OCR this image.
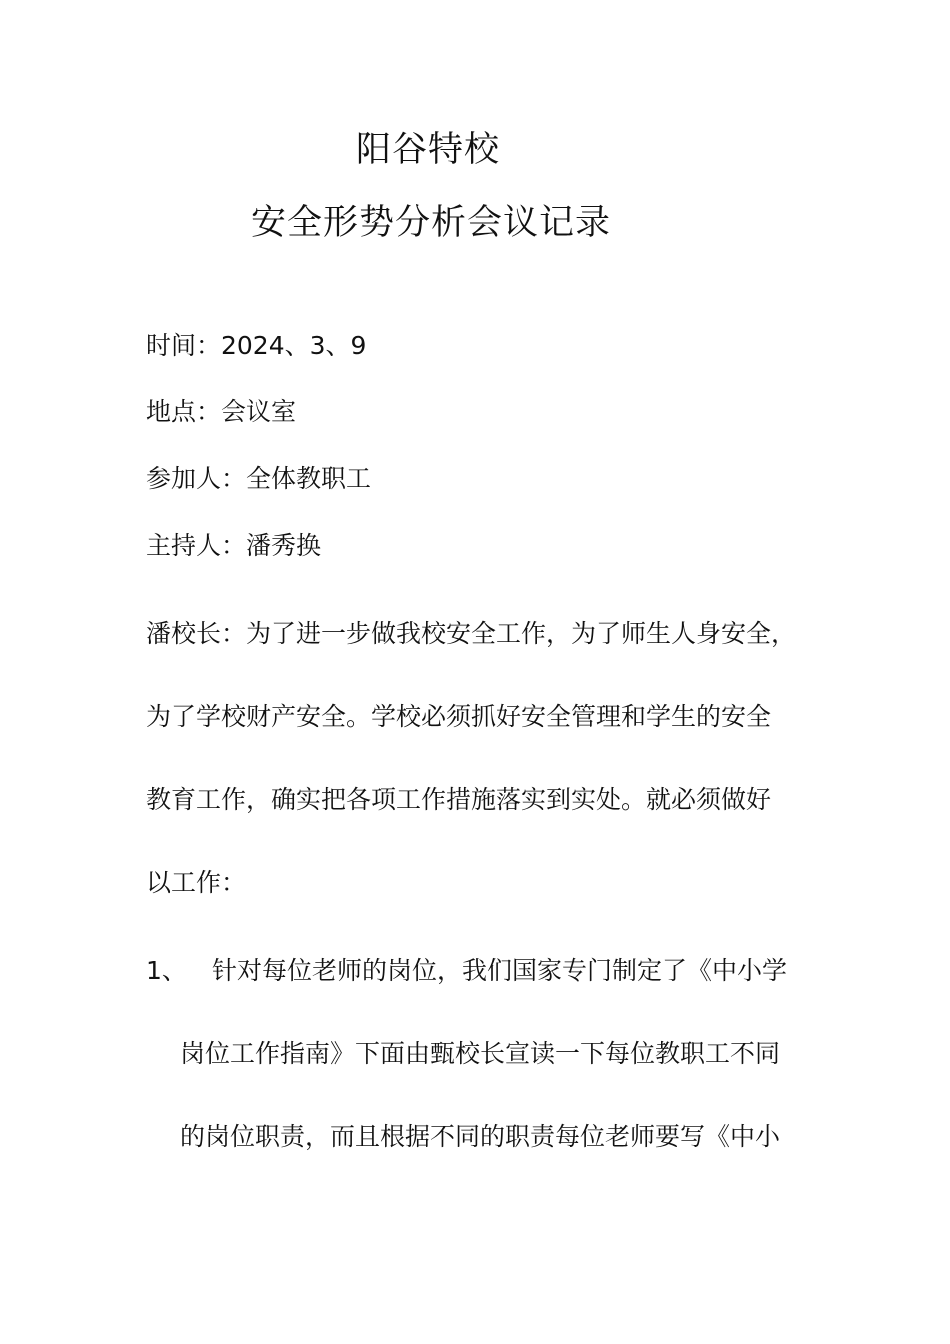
阳谷特校
安全形势分析会议记录
时间：2024、3、9
地点：会议室
参加人：全体教职工
主持人：潘秀换
潘校长：为了进一步做我校安全工作，为了师生人身安全，
为了学校财产安全。学校必须抓好安全管理和学生的安全
教育工作，确实把各项工作措施落实到实处。就必须做好
以工作：
1、 针对每位老师的岗位，我们国家专门制定了《中小学
岗位工作指南》下面由甄校长宣读一下每位教职工不同
的岗位职责，而且根据不同的职责每位老师要写《中小
